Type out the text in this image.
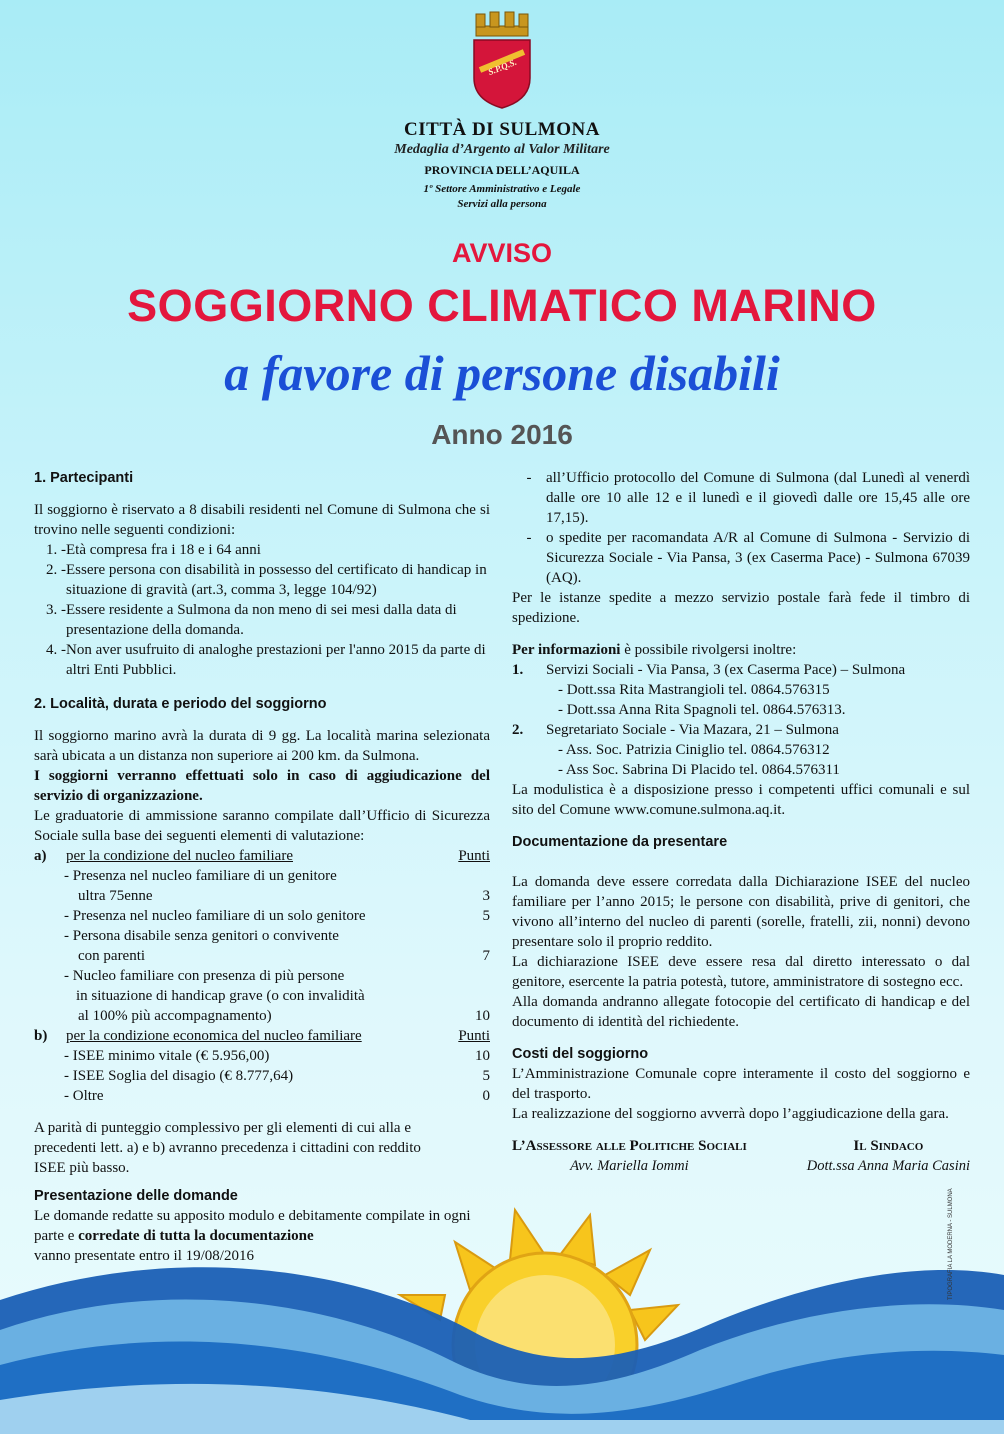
S.P.Q.S.
CITTÀ DI SULMONA
Medaglia d’Argento al Valor Militare
PROVINCIA DELL’AQUILA
1º Settore Amministrativo e Legale
Servizi alla persona
AVVISO
SOGGIORNO CLIMATICO MARINO
a favore di persone disabili
Anno 2016

1. Partecipanti

Il soggiorno è riservato a 8 disabili residenti nel Comune di Sulmona che si trovino nelle seguenti condizioni:

1. -Età compresa fra i 18 e i 64 anni
2. -Essere persona con disabilità in possesso del certificato di handicap in situazione di gravità (art.3, comma 3, legge 104/92)
3. -Essere residente a Sulmona da non meno di sei mesi dalla data di presentazione della domanda.
4. -Non aver usufruito di analoghe prestazioni per l'anno 2015 da parte di altri Enti Pubblici.

2. Località, durata e periodo del soggiorno

Il soggiorno marino avrà la durata di 9 gg. La località marina selezionata sarà ubicata a un distanza non superiore ai 200 km. da Sulmona.

I soggiorni verranno effettuati solo in caso di aggiudicazione del servizio di organizzazione.

Le graduatorie di ammissione saranno compilate dall’Ufficio di Sicurezza Sociale sulla base dei seguenti elementi di valutazione:

a)	per la condizione del nucleo familiare	Punti
- Presenza nel nucleo familiare di un genitore
ultra 75enne	3
- Presenza nel nucleo familiare di un solo genitore	5
- Persona disabile senza genitori o convivente
con parenti	7
- Nucleo familiare con presenza di più persone
in situazione di handicap grave (o con invalidità
al 100% più accompagnamento)	10
b)	per la condizione economica del nucleo familiare	Punti
- ISEE minimo vitale (€ 5.956,00)	10
- ISEE Soglia del disagio (€ 8.777,64)	5
- Oltre	0

A parità di punteggio complessivo per gli elementi di cui alla e precedenti lett. a) e b) avranno precedenza i cittadini con reddito ISEE più basso.

Presentazione delle domande

Le domande redatte su apposito modulo e debitamente compilate in ogni parte e corredate di tutta la documentazione
vanno presentate entro il 19/08/2016

- all’Ufficio protocollo del Comune di Sulmona (dal Lunedì al venerdì dalle ore 10 alle 12 e il lunedì e il giovedì dalle ore 15,45 alle ore 17,15).
- o spedite per racomandata A/R al Comune di Sulmona - Servizio di Sicurezza Sociale - Via Pansa, 3 (ex Caserma Pace) - Sulmona 67039 (AQ).

Per le istanze spedite a mezzo servizio postale farà fede il timbro di spedizione.

Per informazioni è possibile rivolgersi inoltre:

1.	Servizi Sociali - Via Pansa, 3 (ex Caserma Pace) – Sulmona
- Dott.ssa Rita Mastrangioli tel. 0864.576315
- Dott.ssa Anna Rita Spagnoli tel. 0864.576313.
2.	Segretariato Sociale - Via Mazara, 21 – Sulmona
- Ass. Soc. Patrizia Ciniglio tel. 0864.576312
- Ass Soc. Sabrina Di Placido tel. 0864.576311

La modulistica è a disposizione presso i competenti uffici comunali e sul sito del Comune www.comune.sulmona.aq.it.

Documentazione da presentare

La domanda deve essere corredata dalla Dichiarazione ISEE del nucleo familiare per l’anno 2015; le persone con disabilità, prive di genitori, che vivono all’interno del nucleo di parenti (sorelle, fratelli, zii, nonni) devono presentare solo il proprio reddito.

La dichiarazione ISEE deve essere resa dal diretto interessato o dal genitore, esercente la patria potestà, tutore, amministratore di sostegno ecc.

Alla domanda andranno allegate fotocopie del certificato di handicap e del documento di identità del richiedente.

Costi del soggiorno

L’Amministrazione Comunale copre interamente il costo del soggiorno e del trasporto.

La realizzazione del soggiorno avverrà dopo l’aggiudicazione della gara.

L’Assessore alle Politiche Sociali
Avv. Mariella Iommi
Il Sindaco
Dott.ssa Anna Maria Casini
TIPOGRAFIA LA MODERNA - SULMONA
